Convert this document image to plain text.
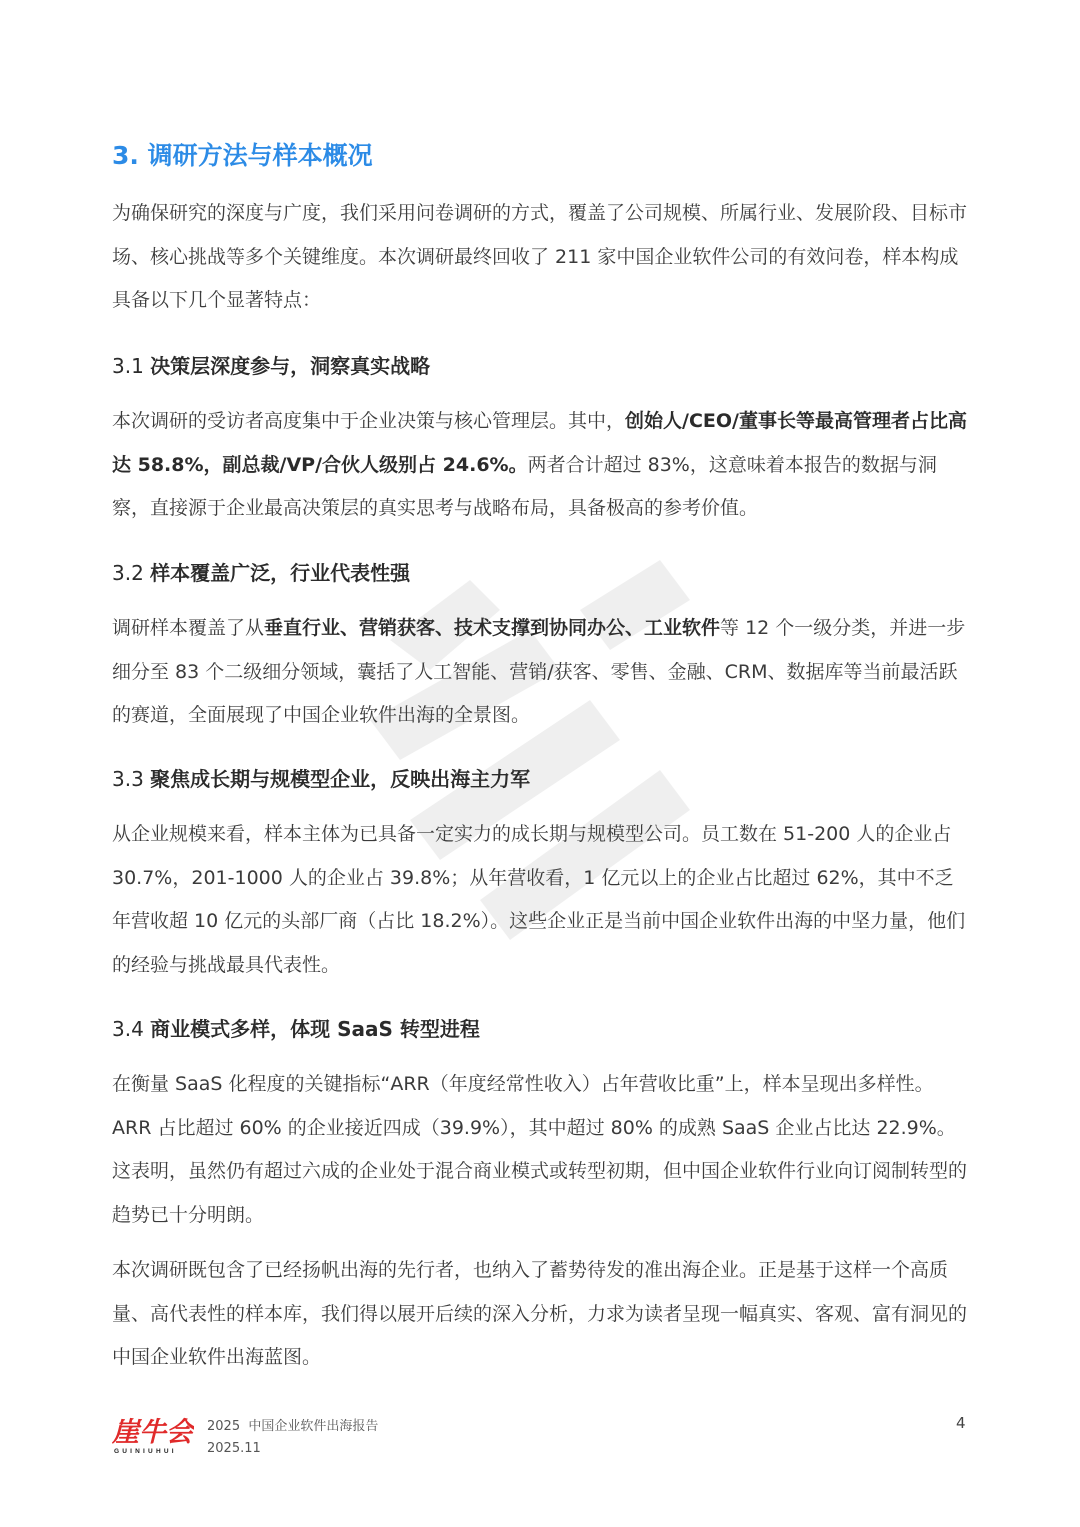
3. 调研方法与样本概况

为确保研究的深度与广度，我们采用问卷调研的方式，覆盖了公司规模、所属行业、发展阶段、目标市场、核心挑战等多个关键维度。本次调研最终回收了 211 家中国企业软件公司的有效问卷，样本构成具备以下几个显著特点：

3.1 决策层深度参与，洞察真实战略

本次调研的受访者高度集中于企业决策与核心管理层。其中，创始人/CEO/董事长等最高管理者占比高达 58.8%，副总裁/VP/合伙人级别占 24.6%。两者合计超过 83%，这意味着本报告的数据与洞察，直接源于企业最高决策层的真实思考与战略布局，具备极高的参考价值。

3.2 样本覆盖广泛，行业代表性强

调研样本覆盖了从垂直行业、营销获客、技术支撑到协同办公、工业软件等 12 个一级分类，并进一步细分至 83 个二级细分领域，囊括了人工智能、营销/获客、零售、金融、CRM、数据库等当前最活跃的赛道，全面展现了中国企业软件出海的全景图。

3.3 聚焦成长期与规模型企业，反映出海主力军

从企业规模来看，样本主体为已具备一定实力的成长期与规模型公司。员工数在 51-200 人的企业占 30.7%，201-1000 人的企业占 39.8%；从年营收看，1 亿元以上的企业占比超过 62%，其中不乏年营收超 10 亿元的头部厂商（占比 18.2%）。这些企业正是当前中国企业软件出海的中坚力量，他们的经验与挑战最具代表性。

3.4 商业模式多样，体现 SaaS 转型进程

在衡量 SaaS 化程度的关键指标“ARR（年度经常性收入）占年营收比重”上，样本呈现出多样性。ARR 占比超过 60% 的企业接近四成（39.9%），其中超过 80% 的成熟 SaaS 企业占比达 22.9%。这表明，虽然仍有超过六成的企业处于混合商业模式或转型初期，但中国企业软件行业向订阅制转型的趋势已十分明朗。

本次调研既包含了已经扬帆出海的先行者，也纳入了蓄势待发的准出海企业。正是基于这样一个高质量、高代表性的样本库，我们得以展开后续的深入分析，力求为读者呈现一幅真实、客观、富有洞见的中国企业软件出海蓝图。

崖牛会
GUINIUHUI
2025  中国企业软件出海报告
2025.11
4
